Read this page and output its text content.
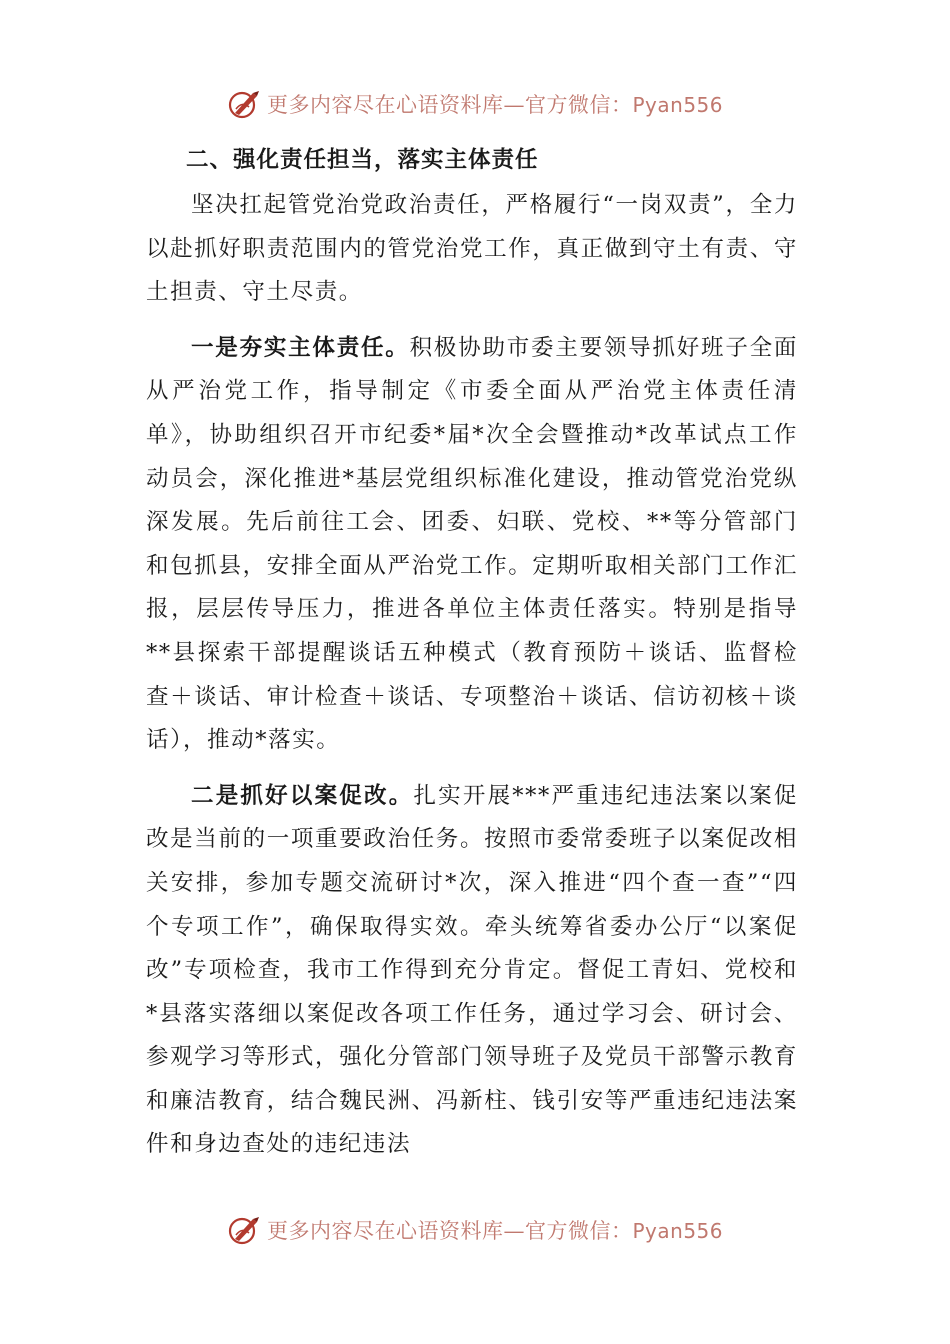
更多内容尽在心语资料库—官方微信：Pyan556
二、强化责任担当，落实主体责任

坚决扛起管党治党政治责任，严格履行“一岗双责”，全力以赴抓好职责范围内的管党治党工作，真正做到守土有责、守土担责、守土尽责。

一是夯实主体责任。积极协助市委主要领导抓好班子全面从严治党工作，指导制定《市委全面从严治党主体责任清单》，协助组织召开市纪委*届*次全会暨推动*改革试点工作动员会，深化推进*基层党组织标准化建设，推动管党治党纵深发展。先后前往工会、团委、妇联、党校、**等分管部门和包抓县，安排全面从严治党工作。定期听取相关部门工作汇报，层层传导压力，推进各单位主体责任落实。特别是指导**县探索干部提醒谈话五种模式（教育预防＋谈话、监督检查＋谈话、审计检查＋谈话、专项整治＋谈话、信访初核＋谈话），推动*落实。

二是抓好以案促改。扎实开展***严重违纪违法案以案促改是当前的一项重要政治任务。按照市委常委班子以案促改相关安排，参加专题交流研讨*次，深入推进“四个查一查”“四个专项工作”，确保取得实效。牵头统筹省委办公厅“以案促改”专项检查，我市工作得到充分肯定。督促工青妇、党校和*县落实落细以案促改各项工作任务，通过学习会、研讨会、参观学习等形式，强化分管部门领导班子及党员干部警示教育和廉洁教育，结合魏民洲、冯新柱、钱引安等严重违纪违法案件和身边查处的违纪违法

更多内容尽在心语资料库—官方微信：Pyan556
